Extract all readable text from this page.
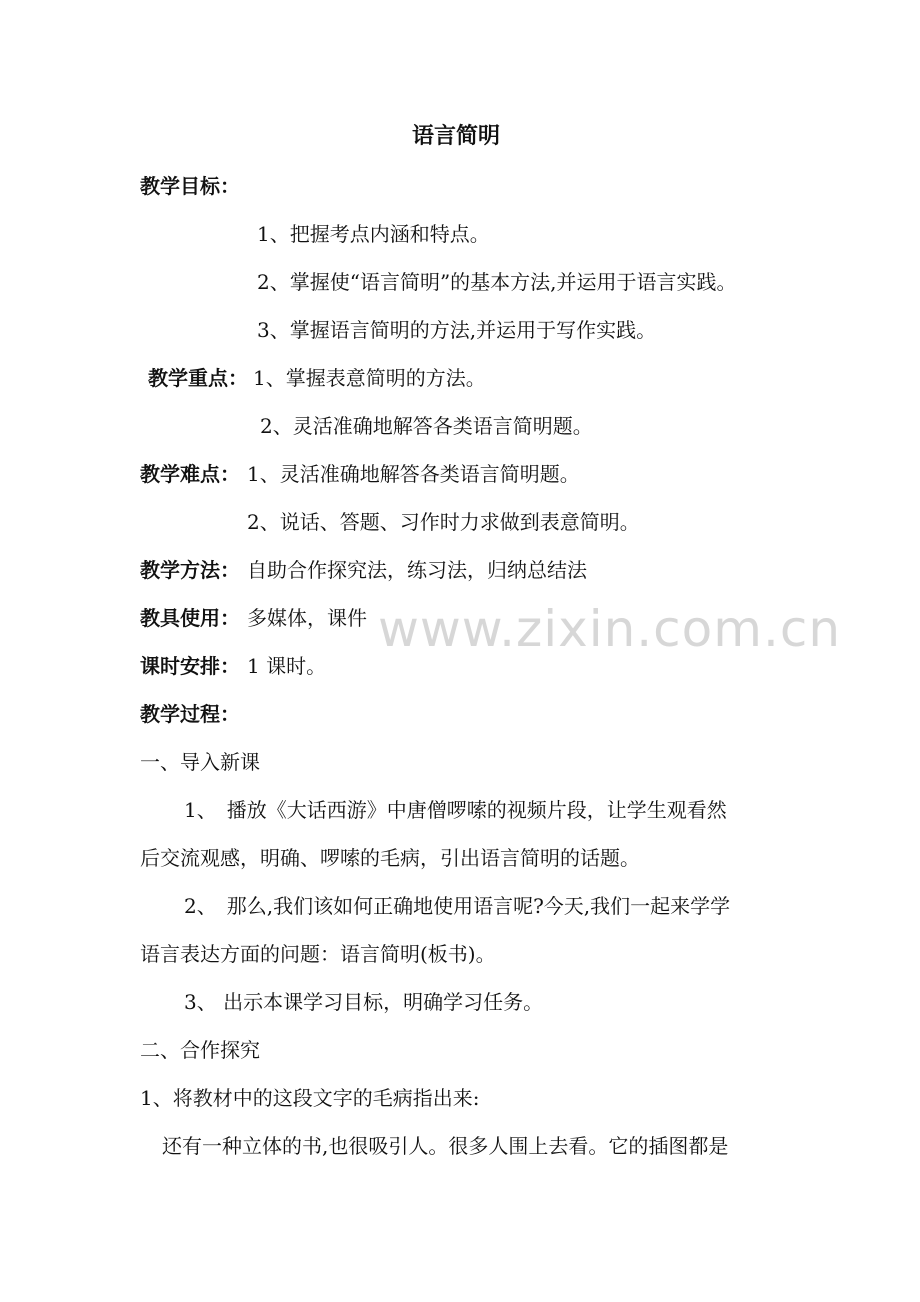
语言简明
教学目标：
1、把握考点内涵和特点。
2、掌握使“语言简明”的基本方法,并运用于语言实践。
3、掌握语言简明的方法,并运用于写作实践。
教学重点： 1、掌握表意简明的方法。
2、灵活准确地解答各类语言简明题。
教学难点： 1、灵活准确地解答各类语言简明题。
2、说话、答题、习作时力求做到表意简明。
教学方法： 自助合作探究法，练习法，归纳总结法
教具使用： 多媒体，课件
课时安排： 1 课时。
教学过程：
一、导入新课
1、　播放《大话西游》中唐僧啰嗦的视频片段，让学生观看然
后交流观感，明确、啰嗦的毛病，引出语言简明的话题。
2、　那么,我们该如何正确地使用语言呢?今天,我们一起来学学
语言表达方面的问题：语言简明(板书)。
3、 出示本课学习目标，明确学习任务。
二、合作探究
1、将教材中的这段文字的毛病指出来:
还有一种立体的书,也很吸引人。很多人围上去看。它的插图都是
www.zixin.com.cn
